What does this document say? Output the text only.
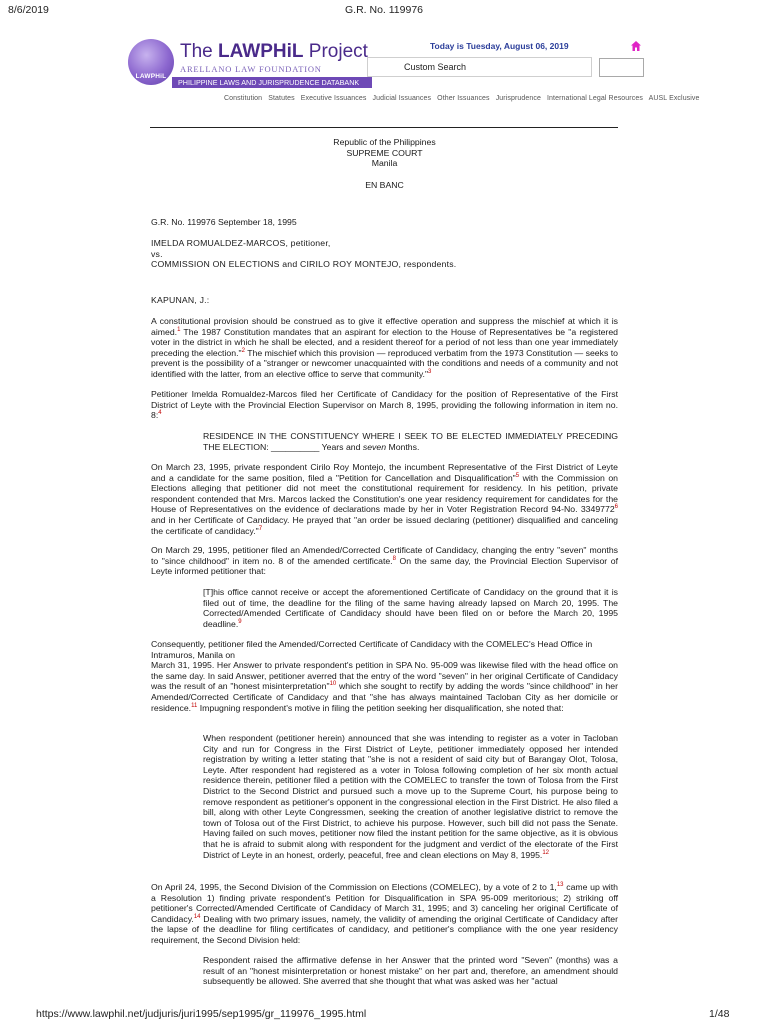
8/6/2019	G.R. No. 119976
LAWPHiL
The LAWPHiL Project
ARELLANO LAW FOUNDATION
PHILIPPINE LAWS AND JURISPRUDENCE DATABANK
Today is Tuesday, August 06, 2019
Custom Search
Constitution Statutes Executive Issuances Judicial Issuances Other Issuances Jurisprudence International Legal Resources AUSL Exclusive
Republic of the Philippines
SUPREME COURT
Manila
EN BANC
G.R. No. 119976 September 18, 1995
IMELDA ROMUALDEZ-MARCOS, petitioner,
vs.
COMMISSION ON ELECTIONS and CIRILO ROY MONTEJO, respondents.
KAPUNAN, J.:
A constitutional provision should be construed as to give it effective operation and suppress the mischief at which it is aimed.$^1$ The 1987 Constitution mandates that an aspirant for election to the House of Representatives be "a registered voter in the district in which he shall be elected, and a resident thereof for a period of not less than one year immediately preceding the election."$^2$ The mischief which this provision — reproduced verbatim from the 1973 Constitution — seeks to prevent is the possibility of a "stranger or newcomer unacquainted with the conditions and needs of a community and not identified with the latter, from an elective office to serve that community."$^3$
Petitioner Imelda Romualdez-Marcos filed her Certificate of Candidacy for the position of Representative of the First District of Leyte with the Provincial Election Supervisor on March 8, 1995, providing the following information in item no. 8:$^4$
RESIDENCE IN THE CONSTITUENCY WHERE I SEEK TO BE ELECTED IMMEDIATELY PRECEDING THE ELECTION: __________ Years and seven Months.
On March 23, 1995, private respondent Cirilo Roy Montejo, the incumbent Representative of the First District of Leyte and a candidate for the same position, filed a "Petition for Cancellation and Disqualification"$^5$ with the Commission on Elections alleging that petitioner did not meet the constitutional requirement for residency. In his petition, private respondent contended that Mrs. Marcos lacked the Constitution's one year residency requirement for candidates for the House of Representatives on the evidence of declarations made by her in Voter Registration Record 94-No. 3349772$^6$ and in her Certificate of Candidacy. He prayed that "an order be issued declaring (petitioner) disqualified and canceling the certificate of candidacy."$^7$
On March 29, 1995, petitioner filed an Amended/Corrected Certificate of Candidacy, changing the entry "seven" months to "since childhood" in item no. 8 of the amended certificate.$^8$ On the same day, the Provincial Election Supervisor of Leyte informed petitioner that:
[T]his office cannot receive or accept the aforementioned Certificate of Candidacy on the ground that it is filed out of time, the deadline for the filing of the same having already lapsed on March 20, 1995. The Corrected/Amended Certificate of Candidacy should have been filed on or before the March 20, 1995 deadline.$^9$
Consequently, petitioner filed the Amended/Corrected Certificate of Candidacy with the COMELEC's Head Office in Intramuros, Manila on
March 31, 1995. Her Answer to private respondent's petition in SPA No. 95-009 was likewise filed with the head office on the same day. In said Answer, petitioner averred that the entry of the word "seven" in her original Certificate of Candidacy was the result of an "honest misinterpretation"$^{10}$ which she sought to rectify by adding the words "since childhood" in her Amended/Corrected Certificate of Candidacy and that "she has always maintained Tacloban City as her domicile or residence.$^{11}$ Impugning respondent's motive in filing the petition seeking her disqualification, she noted that:
When respondent (petitioner herein) announced that she was intending to register as a voter in Tacloban City and run for Congress in the First District of Leyte, petitioner immediately opposed her intended registration by writing a letter stating that "she is not a resident of said city but of Barangay Olot, Tolosa, Leyte. After respondent had registered as a voter in Tolosa following completion of her six month actual residence therein, petitioner filed a petition with the COMELEC to transfer the town of Tolosa from the First District to the Second District and pursued such a move up to the Supreme Court, his purpose being to remove respondent as petitioner's opponent in the congressional election in the First District. He also filed a bill, along with other Leyte Congressmen, seeking the creation of another legislative district to remove the town of Tolosa out of the First District, to achieve his purpose. However, such bill did not pass the Senate. Having failed on such moves, petitioner now filed the instant petition for the same objective, as it is obvious that he is afraid to submit along with respondent for the judgment and verdict of the electorate of the First District of Leyte in an honest, orderly, peaceful, free and clean elections on May 8, 1995.12
On April 24, 1995, the Second Division of the Commission on Elections (COMELEC), by a vote of 2 to 1,13 came up with a Resolution 1) finding private respondent's Petition for Disqualification in SPA 95-009 meritorious; 2) striking off petitioner's Corrected/Amended Certificate of Candidacy of March 31, 1995; and 3) canceling her original Certificate of Candidacy.$^{14}$ Dealing with two primary issues, namely, the validity of amending the original Certificate of Candidacy after the lapse of the deadline for filing certificates of candidacy, and petitioner's compliance with the one year residency requirement, the Second Division held:
Respondent raised the affirmative defense in her Answer that the printed word "Seven" (months) was a result of an "honest misinterpretation or honest mistake" on her part and, therefore, an amendment should subsequently be allowed. She averred that she thought that what was asked was her "actual
https://www.lawphil.net/judjuris/juri1995/sep1995/gr_119976_1995.html	1/48
